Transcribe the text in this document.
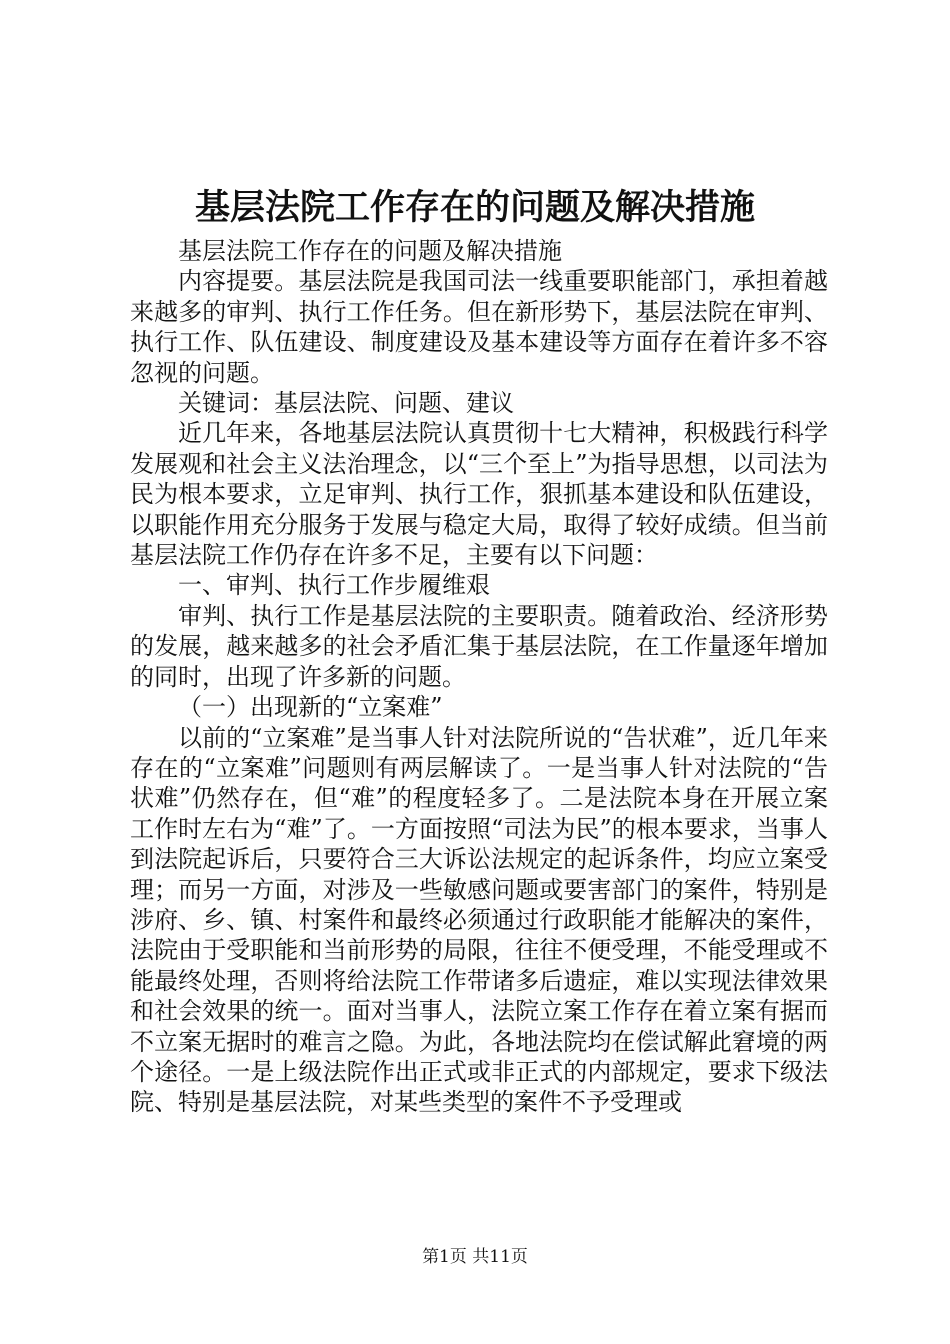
基层法院工作存在的问题及解决措施

基层法院工作存在的问题及解决措施

内容提要。基层法院是我国司法一线重要职能部门，承担着越来越多的审判、执行工作任务。但在新形势下，基层法院在审判、执行工作、队伍建设、制度建设及基本建设等方面存在着许多不容忽视的问题。

关键词：基层法院、问题、建议

近几年来，各地基层法院认真贯彻十七大精神，积极践行科学发展观和社会主义法治理念，以“三个至上”为指导思想，以司法为民为根本要求，立足审判、执行工作，狠抓基本建设和队伍建设，以职能作用充分服务于发展与稳定大局，取得了较好成绩。但当前基层法院工作仍存在许多不足，主要有以下问题：

一、审判、执行工作步履维艰

审判、执行工作是基层法院的主要职责。随着政治、经济形势的发展，越来越多的社会矛盾汇集于基层法院，在工作量逐年增加的同时，出现了许多新的问题。

（一）出现新的“立案难”

以前的“立案难”是当事人针对法院所说的“告状难”，近几年来存在的“立案难”问题则有两层解读了。一是当事人针对法院的“告状难”仍然存在，但“难”的程度轻多了。二是法院本身在开展立案工作时左右为“难”了。一方面按照“司法为民”的根本要求，当事人到法院起诉后，只要符合三大诉讼法规定的起诉条件，均应立案受理；而另一方面，对涉及一些敏感问题或要害部门的案件，特别是涉府、乡、镇、村案件和最终必须通过行政职能才能解决的案件，法院由于受职能和当前形势的局限，往往不便受理，不能受理或不能最终处理，否则将给法院工作带诸多后遗症，难以实现法律效果和社会效果的统一。面对当事人，法院立案工作存在着立案有据而不立案无据时的难言之隐。为此，各地法院均在偿试解此窘境的两个途径。一是上级法院作出正式或非正式的内部规定，要求下级法院、特别是基层法院，对某些类型的案件不予受理或

第1页 共11页
